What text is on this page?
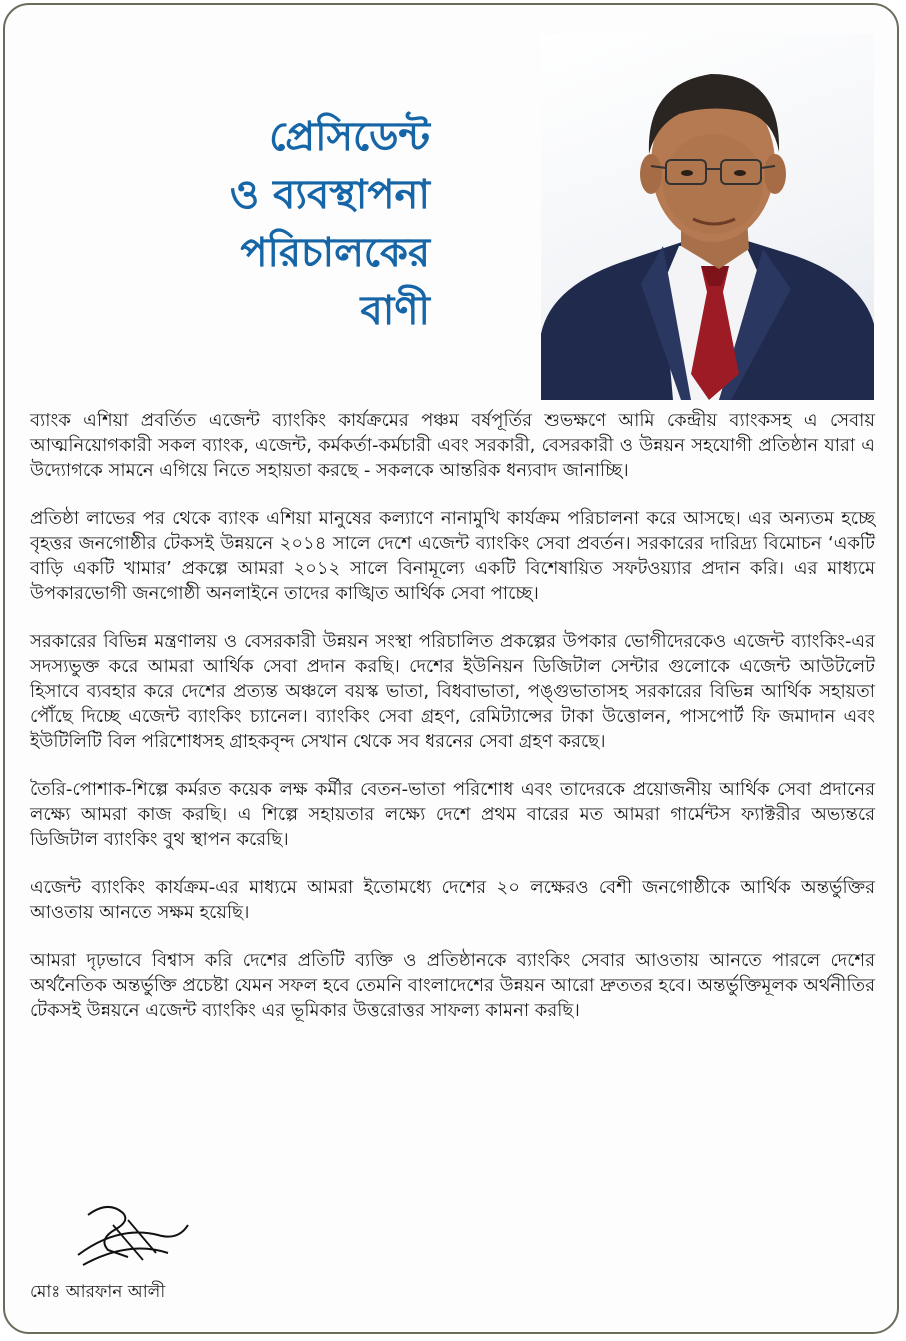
প্রেসিডেন্ট
ও ব্যবস্থাপনা
পরিচালকের
বাণী

ব্যাংক এশিয়া প্রবর্তিত এজেন্ট ব্যাংকিং কার্যক্রমের পঞ্চম বর্ষপূর্তির শুভক্ষণে আমি কেন্দ্রীয় ব্যাংকসহ এ সেবায় আত্মনিয়োগকারী সকল ব্যাংক, এজেন্ট, কর্মকর্তা-কর্মচারী এবং সরকারী, বেসরকারী ও উন্নয়ন সহযোগী প্রতিষ্ঠান যারা এ উদ্যোগকে সামনে এগিয়ে নিতে সহায়তা করছে - সকলকে আন্তরিক ধন্যবাদ জানাচ্ছি।

প্রতিষ্ঠা লাভের পর থেকে ব্যাংক এশিয়া মানুষের কল্যাণে নানামুখি কার্যক্রম পরিচালনা করে আসছে। এর অন্যতম হচ্ছে বৃহত্তর জনগোষ্ঠীর টেকসই উন্নয়নে ২০১৪ সালে দেশে এজেন্ট ব্যাংকিং সেবা প্রবর্তন। সরকারের দারিদ্র্য বিমোচন ‘একটি বাড়ি একটি খামার’ প্রকল্পে আমরা ২০১২ সালে বিনামূল্যে একটি বিশেষায়িত সফটওয়্যার প্রদান করি। এর মাধ্যমে উপকারভোগী জনগোষ্ঠী অনলাইনে তাদের কাঙ্খিত আর্থিক সেবা পাচ্ছে।

সরকারের বিভিন্ন মন্ত্রণালয় ও বেসরকারী উন্নয়ন সংস্থা পরিচালিত প্রকল্পের উপকার ভোগীদেরকেও এজেন্ট ব্যাংকিং-এর সদস্যভুক্ত করে আমরা আর্থিক সেবা প্রদান করছি। দেশের ইউনিয়ন ডিজিটাল সেন্টার গুলোকে এজেন্ট আউটলেট হিসাবে ব্যবহার করে দেশের প্রত্যন্ত অঞ্চলে বয়স্ক ভাতা, বিধবাভাতা, পঙ্গুভাতাসহ সরকারের বিভিন্ন আর্থিক সহায়তা পৌঁছে দিচ্ছে এজেন্ট ব্যাংকিং চ্যানেল। ব্যাংকিং সেবা গ্রহণ, রেমিট্যান্সের টাকা উত্তোলন, পাসপোর্ট ফি জমাদান এবং ইউটিলিটি বিল পরিশোধসহ গ্রাহকবৃন্দ সেখান থেকে সব ধরনের সেবা গ্রহণ করছে।

তৈরি-পোশাক-শিল্পে কর্মরত কয়েক লক্ষ কর্মীর বেতন-ভাতা পরিশোধ এবং তাদেরকে প্রয়োজনীয় আর্থিক সেবা প্রদানের লক্ষ্যে আমরা কাজ করছি। এ শিল্পে সহায়তার লক্ষ্যে দেশে প্রথম বারের মত আমরা গার্মেন্টস ফ্যাক্টরীর অভ্যন্তরে ডিজিটাল ব্যাংকিং বুথ স্থাপন করেছি।

এজেন্ট ব্যাংকিং কার্যক্রম-এর মাধ্যমে আমরা ইতোমধ্যে দেশের ২০ লক্ষেরও বেশী জনগোষ্ঠীকে আর্থিক অন্তর্ভুক্তির আওতায় আনতে সক্ষম হয়েছি।

আমরা দৃঢ়ভাবে বিশ্বাস করি দেশের প্রতিটি ব্যক্তি ও প্রতিষ্ঠানকে ব্যাংকিং সেবার আওতায় আনতে পারলে দেশের অর্থনৈতিক অন্তর্ভুক্তি প্রচেষ্টা যেমন সফল হবে তেমনি বাংলাদেশের উন্নয়ন আরো দ্রুততর হবে। অন্তর্ভুক্তিমূলক অর্থনীতির টেকসই উন্নয়নে এজেন্ট ব্যাংকিং এর ভূমিকার উত্তরোত্তর সাফল্য কামনা করছি।

মোঃ আরফান আলী
